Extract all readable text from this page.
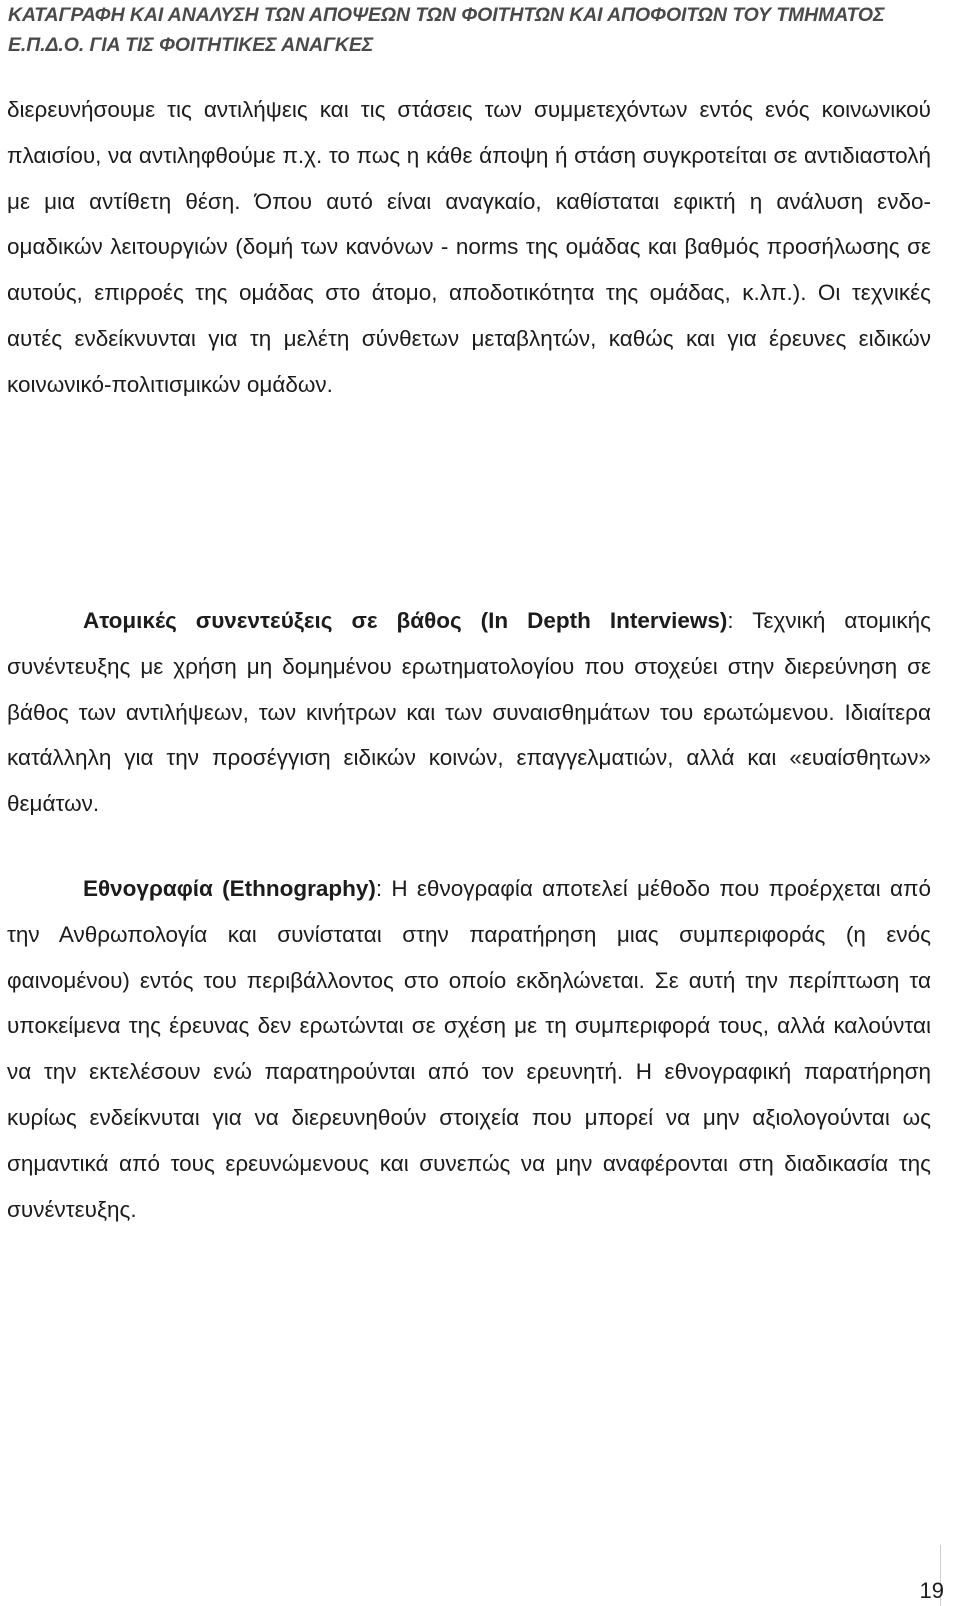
ΚΑΤΑΓΡΑΦΗ ΚΑΙ ΑΝΑΛΥΣΗ ΤΩΝ ΑΠΟΨΕΩΝ ΤΩΝ ΦΟΙΤΗΤΩΝ ΚΑΙ ΑΠΟΦΟΙΤΩΝ ΤΟΥ ΤΜΗΜΑΤΟΣ
Ε.Π.Δ.Ο. ΓΙΑ ΤΙΣ ΦΟΙΤΗΤΙΚΕΣ ΑΝΑΓΚΕΣ
διερευνήσουμε τις αντιλήψεις και τις στάσεις των συμμετεχόντων εντός ενός κοινωνικού πλαισίου, να αντιληφθούμε π.χ. το πως η κάθε άποψη ή στάση συγκροτείται σε αντιδιαστολή με μια αντίθετη θέση. Όπου αυτό είναι αναγκαίο, καθίσταται εφικτή η ανάλυση ενδο-ομαδικών λειτουργιών (δομή των κανόνων - norms της ομάδας και βαθμός προσήλωσης σε αυτούς, επιρροές της ομάδας στο άτομο, αποδοτικότητα της ομάδας, κ.λπ.). Οι τεχνικές αυτές ενδείκνυνται για τη μελέτη σύνθετων μεταβλητών, καθώς και για έρευνες ειδικών κοινωνικό-πολιτισμικών ομάδων.
Ατομικές συνεντεύξεις σε βάθος (In Depth Interviews): Τεχνική ατομικής συνέντευξης με χρήση μη δομημένου ερωτηματολογίου που στοχεύει στην διερεύνηση σε βάθος των αντιλήψεων, των κινήτρων και των συναισθημάτων του ερωτώμενου. Ιδιαίτερα κατάλληλη για την προσέγγιση ειδικών κοινών, επαγγελματιών, αλλά και «ευαίσθητων» θεμάτων.
Εθνογραφία (Ethnography): Η εθνογραφία αποτελεί μέθοδο που προέρχεται από την Ανθρωπολογία και συνίσταται στην παρατήρηση μιας συμπεριφοράς (η ενός φαινομένου) εντός του περιβάλλοντος στο οποίο εκδηλώνεται. Σε αυτή την περίπτωση τα υποκείμενα της έρευνας δεν ερωτώνται σε σχέση με τη συμπεριφορά τους, αλλά καλούνται να την εκτελέσουν ενώ παρατηρούνται από τον ερευνητή. Η εθνογραφική παρατήρηση κυρίως ενδείκνυται για να διερευνηθούν στοιχεία που μπορεί να μην αξιολογούνται ως σημαντικά από τους ερευνώμενους και συνεπώς να μην αναφέρονται στη διαδικασία της συνέντευξης.
19
